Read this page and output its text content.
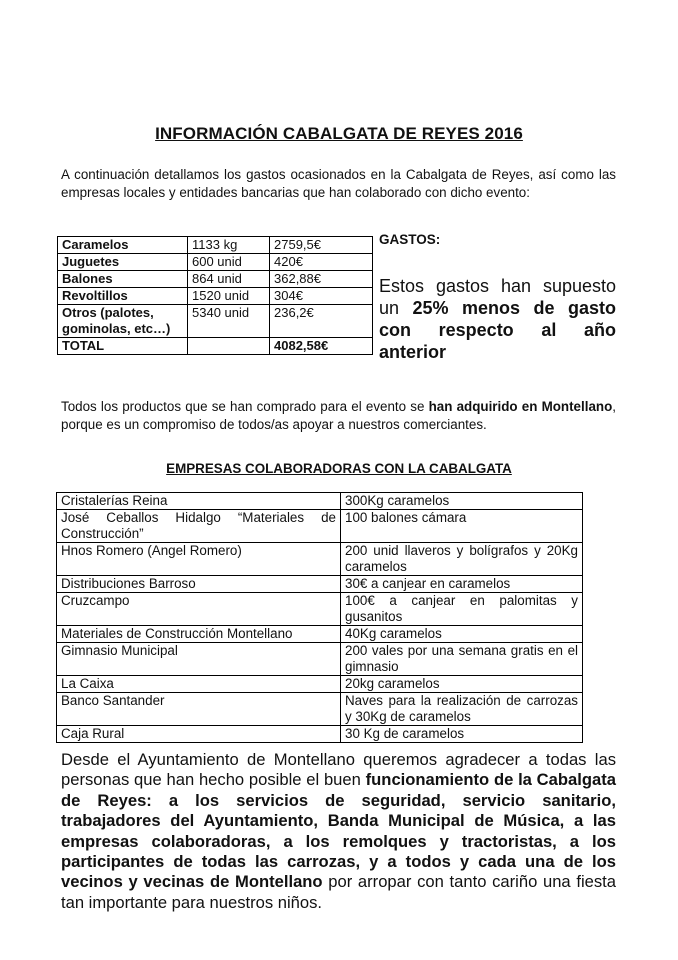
INFORMACIÓN CABALGATA DE REYES 2016
A continuación detallamos los gastos ocasionados en la Cabalgata de Reyes, así como las empresas locales y entidades bancarias que han colaborado con dicho evento:
Caramelos	1133 kg	2759,5€
Juguetes	600 unid	420€
Balones	864 unid	362,88€
Revoltillos	1520 unid	304€
Otros (palotes, gominolas, etc…)	5340 unid	236,2€
TOTAL		4082,58€
GASTOS:
Estos gastos han supuesto un 25% menos de gasto con respecto al año anterior
Todos los productos que se han comprado para el evento se han adquirido en Montellano, porque es un compromiso de todos/as apoyar a nuestros comerciantes.
EMPRESAS COLABORADORAS CON LA CABALGATA
Cristalerías Reina	300Kg caramelos
José Ceballos Hidalgo “Materiales de Construcción”	100 balones cámara
Hnos Romero (Angel Romero)	200 unid llaveros y bolígrafos y 20Kg caramelos
Distribuciones Barroso	30€ a canjear en caramelos
Cruzcampo	100€ a canjear en palomitas y gusanitos
Materiales de Construcción Montellano	40Kg caramelos
Gimnasio Municipal	200 vales por una semana gratis en el gimnasio
La Caixa	20kg caramelos
Banco Santander	Naves para la realización de carrozas y 30Kg de caramelos
Caja Rural	30 Kg de caramelos
Desde el Ayuntamiento de Montellano queremos agradecer a todas las personas que han hecho posible el buen funcionamiento de la Cabalgata de Reyes: a los servicios de seguridad, servicio sanitario, trabajadores del Ayuntamiento, Banda Municipal de Música, a las empresas colaboradoras, a los remolques y tractoristas, a los participantes de todas las carrozas, y a todos y cada una de los vecinos y vecinas de Montellano por arropar con tanto cariño una fiesta tan importante para nuestros niños.
